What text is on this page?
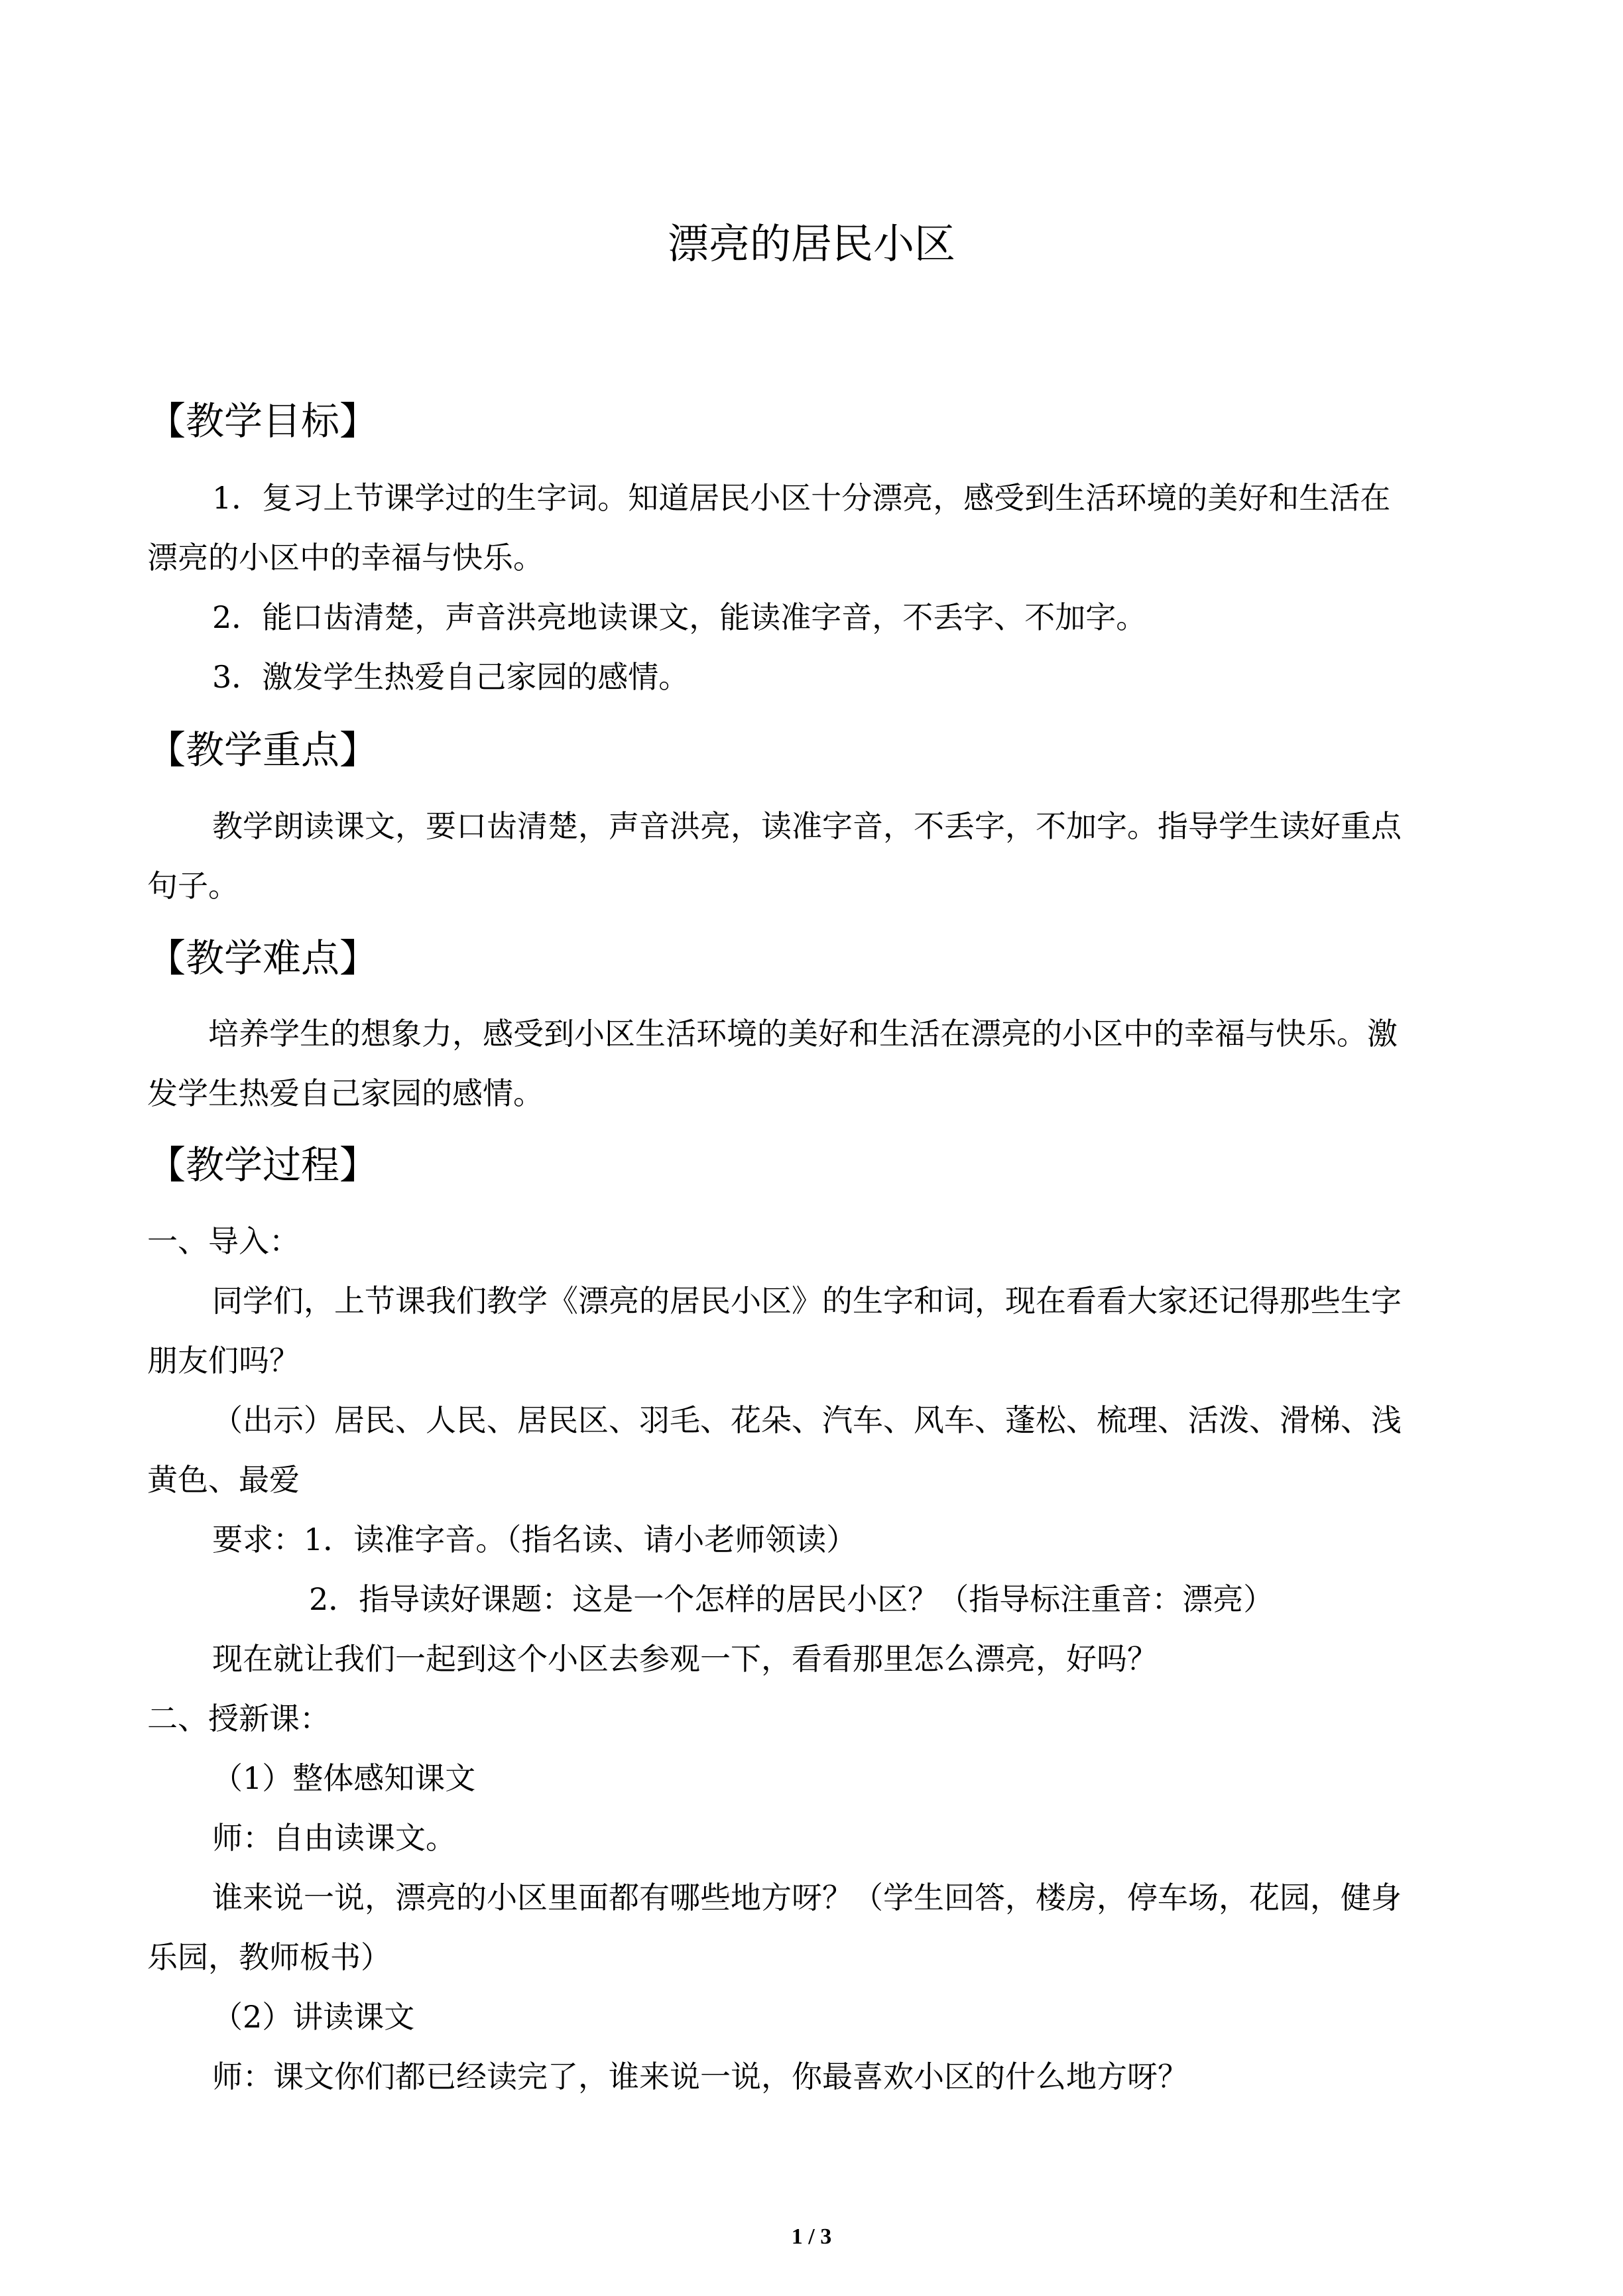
漂亮的居民小区
【教学目标】
1．复习上节课学过的生字词。知道居民小区十分漂亮，感受到生活环境的美好和生活在
漂亮的小区中的幸福与快乐。
2．能口齿清楚，声音洪亮地读课文，能读准字音，不丢字、不加字。
3．激发学生热爱自己家园的感情。
【教学重点】
教学朗读课文，要口齿清楚，声音洪亮，读准字音，不丢字，不加字。指导学生读好重点
句子。
【教学难点】
培养学生的想象力，感受到小区生活环境的美好和生活在漂亮的小区中的幸福与快乐。激
发学生热爱自己家园的感情。
【教学过程】
一、导入：
同学们，上节课我们教学《漂亮的居民小区》的生字和词，现在看看大家还记得那些生字
朋友们吗？
（出示）居民、人民、居民区、羽毛、花朵、汽车、风车、蓬松、梳理、活泼、滑梯、浅
黄色、最爱
要求：1．读准字音。（指名读、请小老师领读）
2．指导读好课题：这是一个怎样的居民小区？（指导标注重音：漂亮）
现在就让我们一起到这个小区去参观一下，看看那里怎么漂亮，好吗？
二、授新课：
（1）整体感知课文
师：自由读课文。
谁来说一说，漂亮的小区里面都有哪些地方呀？（学生回答，楼房，停车场，花园，健身
乐园，教师板书）
（2）讲读课文
师：课文你们都已经读完了，谁来说一说，你最喜欢小区的什么地方呀？
1 / 3
